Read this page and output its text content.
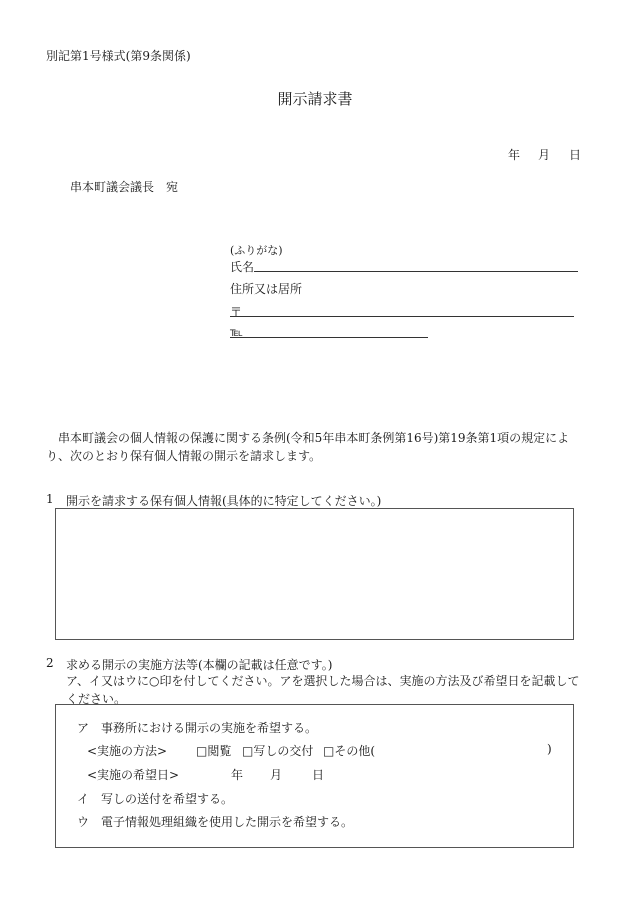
別記第1号様式(第9条関係)
開示請求書
年 月 日
串本町議会議長　宛
(ふりがな)
氏名
住所又は居所
〒
℡
串本町議会の個人情報の保護に関する条例(令和5年串本町条例第16号)第19条第1項の規定により、次のとおり保有個人情報の開示を請求します。
1 開示を請求する保有個人情報(具体的に特定してください。)
2 求める開示の実施方法等(本欄の記載は任意です。)
ア、イ又はウに○印を付してください。アを選択した場合は、実施の方法及び希望日を記載してください。
ア　事務所における開示の実施を希望する。
<実施の方法> □閲覧 □写しの交付 □その他(	)
<実施の希望日>	年 月 日
イ　写しの送付を希望する。
ウ　電子情報処理組織を使用した開示を希望する。
